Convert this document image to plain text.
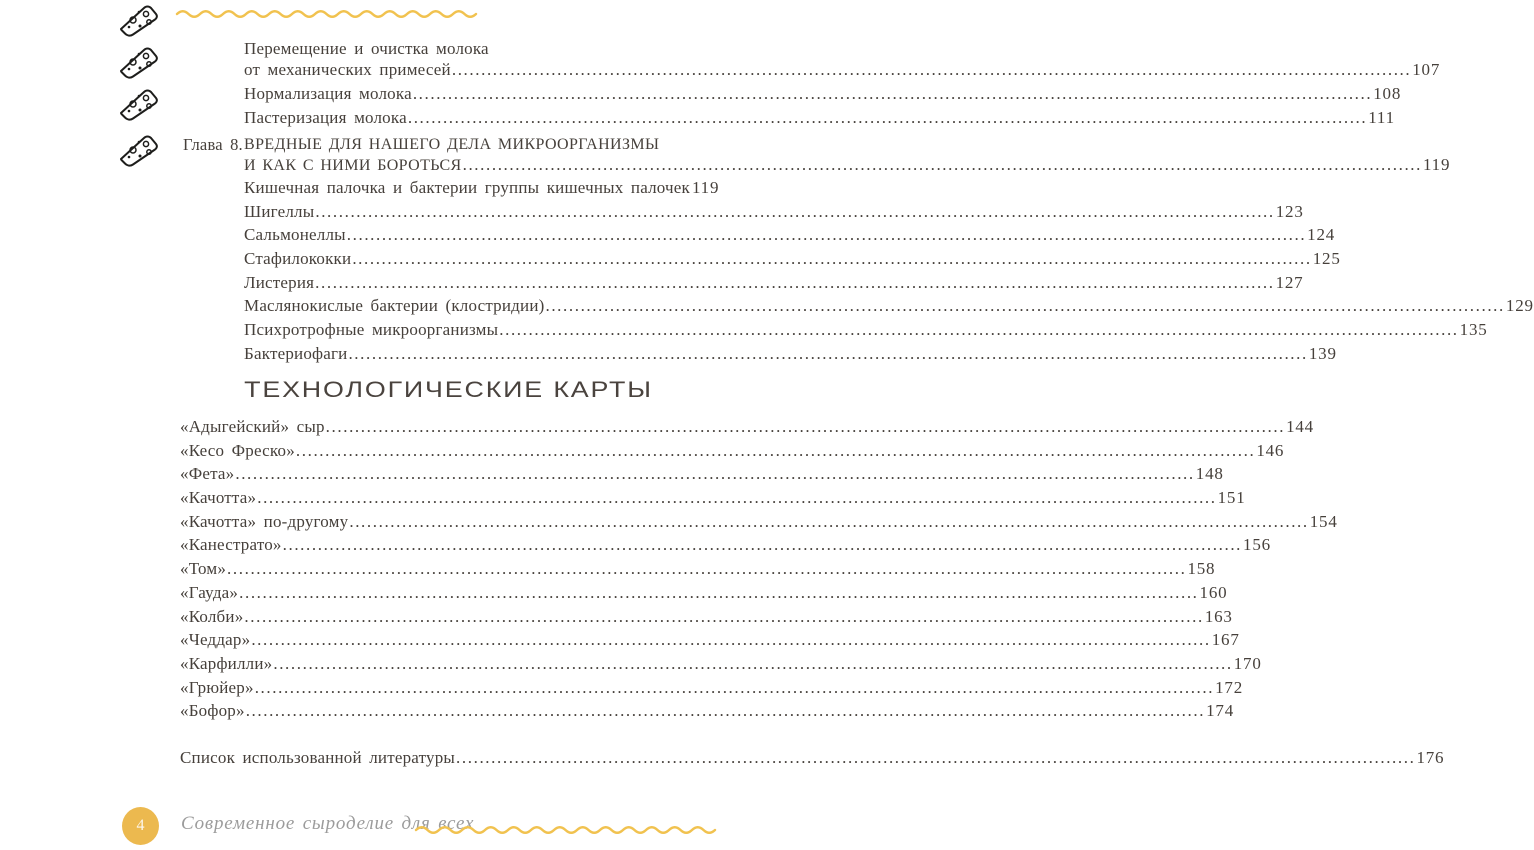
Перемещение и очистка молока
от механических примесей .....	107
Нормализация молока .....	108
Пастеризация молока .....	111
Глава 8. ВРЕДНЫЕ ДЛЯ НАШЕГО ДЕЛА МИКРООРГАНИЗМЫ
И КАК С НИМИ БОРОТЬСЯ .....	119
Кишечная палочка и бактерии группы кишечных палочек 119
Шигеллы .....	123
Сальмонеллы .....	124
Стафилококки .....	125
Листерия .....	127
Маслянокислые бактерии (клостридии) .....	129
Психротрофные микроорганизмы .....	135
Бактериофаги .....	139
ТЕХНОЛОГИЧЕСКИЕ КАРТЫ
«Адыгейский» сыр .....	144
«Кесо Фреско» .....	146
«Фета» .....	148
«Качотта» .....	151
«Качотта» по-другому .....	154
«Канестрато» .....	156
«Том» .....	158
«Гауда» .....	160
«Колби» .....	163
«Чеддар» .....	167
«Карфилли» .....	170
«Грюйер» .....	172
«Бофор» .....	174
Список использованной литературы .....	176
4 Современное сыроделие для всех
